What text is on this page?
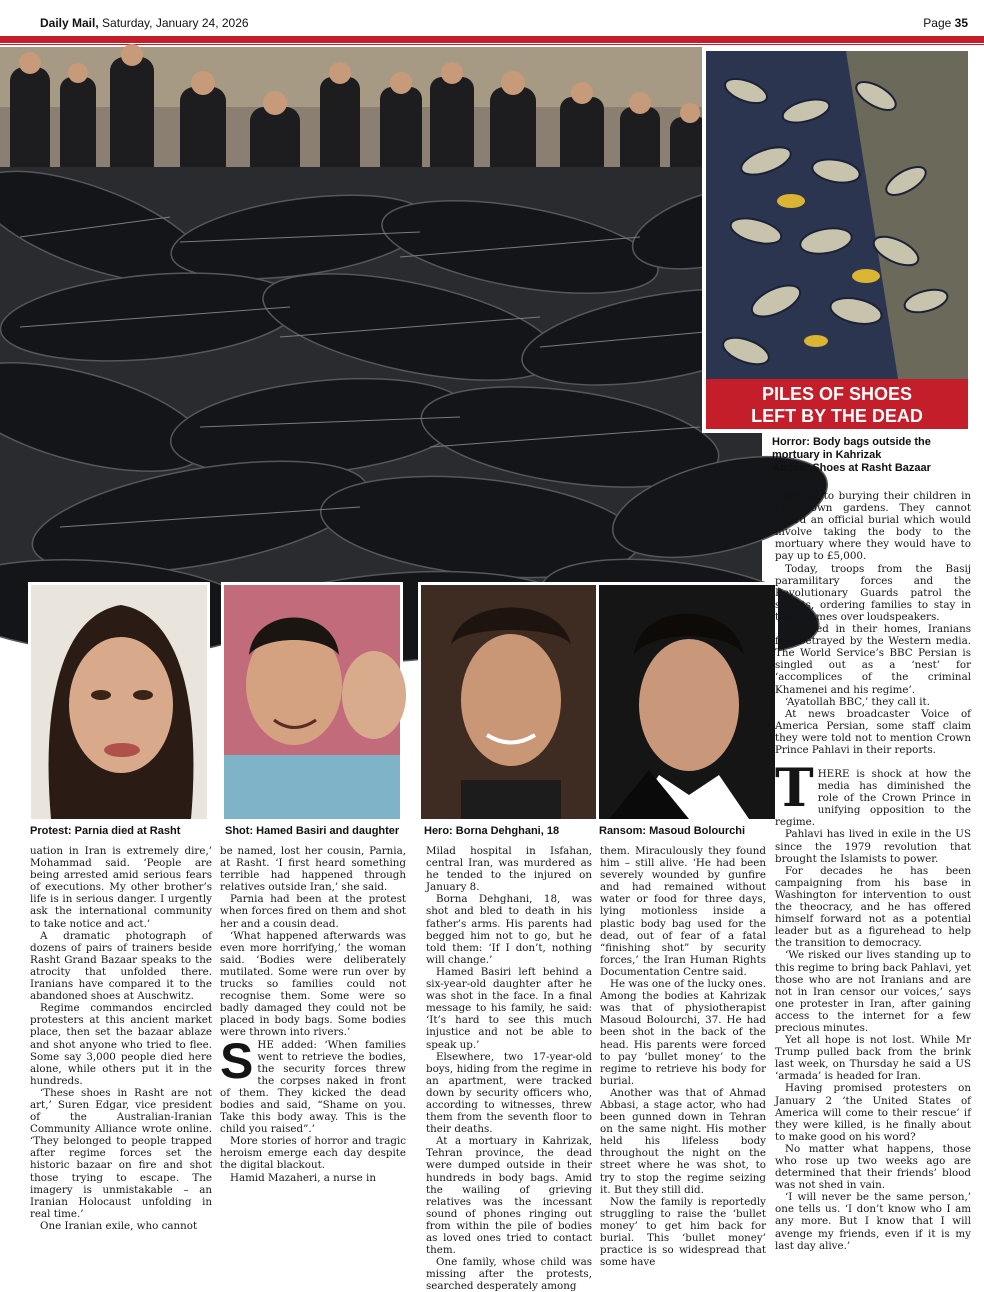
Daily Mail, Saturday, January 24, 2026	Page 35
PILES OF SHOES
LEFT BY THE DEAD
Horror: Body bags outside the
mortuary in Kahrizak
Above: Shoes at Rasht Bazaar
Protest: Parnia died at Rasht	Shot: Hamed Basiri and daughter Hero: Borna Dehghani, 18	Ransom: Masoud Bolourchi

resorted to burying their children in their own gardens. They cannot afford an official burial which would involve taking the body to the mortuary where they would have to pay up to £5,000.

Today, troops from the Basij paramilitary forces and the Revolutionary Guards patrol the streets, ordering families to stay in their homes over loudspeakers.

Trapped in their homes, Iranians feel betrayed by the Western media. The World Service’s BBC Persian is singled out as a ‘nest’ for ‘accomplices of the criminal Khamenei and his regime’.

‘Ayatollah BBC,’ they call it.

At news broadcaster Voice of America Persian, some staff claim they were told not to mention Crown Prince Pahlavi in their reports.

THERE is shock at how the media has diminished the role of the Crown Prince in unifying opposition to the regime.

Pahlavi has lived in exile in the US since the 1979 revolution that brought the Islamists to power.

For decades he has been campaigning from his base in Washington for intervention to oust the theocracy, and he has offered himself forward not as a potential leader but as a figurehead to help the transition to democracy.

‘We risked our lives standing up to this regime to bring back Pahlavi, yet those who are not Iranians and are not in Iran censor our voices,’ says one protester in Iran, after gaining access to the internet for a few precious minutes.

Yet all hope is not lost. While Mr Trump pulled back from the brink last week, on Thursday he said a US ‘armada’ is headed for Iran.

Having promised protesters on January 2 ‘the United States of America will come to their rescue’ if they were killed, is he finally about to make good on his word?

No matter what happens, those who rose up two weeks ago are determined that their friends’ blood was not shed in vain.

‘I will never be the same person,’ one tells us. ‘I don’t know who I am any more. But I know that I will avenge my friends, even if it is my last day alive.’

uation in Iran is extremely dire,’ Mohammad said. ‘People are being arrested amid serious fears of executions. My other brother’s life is in serious danger. I urgently ask the international community to take notice and act.’

A dramatic photograph of dozens of pairs of trainers beside Rasht Grand Bazaar speaks to the atrocity that unfolded there. Iranians have compared it to the abandoned shoes at Auschwitz.

Regime commandos encircled protesters at this ancient market place, then set the bazaar ablaze and shot anyone who tried to flee. Some say 3,000 people died here alone, while others put it in the hundreds.

‘These shoes in Rasht are not art,’ Suren Edgar, vice president of the Australian-Iranian Community Alliance wrote online. ‘They belonged to people trapped after regime forces set the historic bazaar on fire and shot those trying to escape. The imagery is unmistakable – an Iranian Holocaust unfolding in real time.’

One Iranian exile, who cannot

be named, lost her cousin, Parnia, at Rasht. ‘I first heard something terrible had happened through relatives outside Iran,’ she said.

Parnia had been at the protest when forces fired on them and shot her and a cousin dead.

‘What happened afterwards was even more horrifying,’ the woman said. ‘Bodies were deliberately mutilated. Some were run over by trucks so families could not recognise them. Some were so badly damaged they could not be placed in body bags. Some bodies were thrown into rivers.’

SHE added: ‘When families went to retrieve the bodies, the security forces threw the corpses naked in front of them. They kicked the dead bodies and said, “Shame on you. Take this body away. This is the child you raised”.’

More stories of horror and tragic heroism emerge each day despite the digital blackout.

Hamid Mazaheri, a nurse in

Milad hospital in Isfahan, central Iran, was murdered as he tended to the injured on January 8.

Borna Dehghani, 18, was shot and bled to death in his father’s arms. His parents had begged him not to go, but he told them: ‘If I don’t, nothing will change.’

Hamed Basiri left behind a six-year-old daughter after he was shot in the face. In a final message to his family, he said: ‘It’s hard to see this much injustice and not be able to speak up.’

Elsewhere, two 17-year-old boys, hiding from the regime in an apartment, were tracked down by security officers who, according to witnesses, threw them from the seventh floor to their deaths.

At a mortuary in Kahrizak, Tehran province, the dead were dumped outside in their hundreds in body bags. Amid the wailing of grieving relatives was the incessant sound of phones ringing out from within the pile of bodies as loved ones tried to contact them.

One family, whose child was missing after the protests, searched desperately among

them. Miraculously they found him – still alive. ‘He had been severely wounded by gunfire and had remained without water or food for three days, lying motionless inside a plastic body bag used for the dead, out of fear of a fatal “finishing shot” by security forces,’ the Iran Human Rights Documentation Centre said.

He was one of the lucky ones. Among the bodies at Kahrizak was that of physiotherapist Masoud Bolourchi, 37. He had been shot in the back of the head. His parents were forced to pay ‘bullet money’ to the regime to retrieve his body for burial.

Another was that of Ahmad Abbasi, a stage actor, who had been gunned down in Tehran on the same night. His mother held his lifeless body throughout the night on the street where he was shot, to try to stop the regime seizing it. But they still did.

Now the family is reportedly struggling to raise the ‘bullet money’ to get him back for burial. This ‘bullet money’ practice is so widespread that some have
